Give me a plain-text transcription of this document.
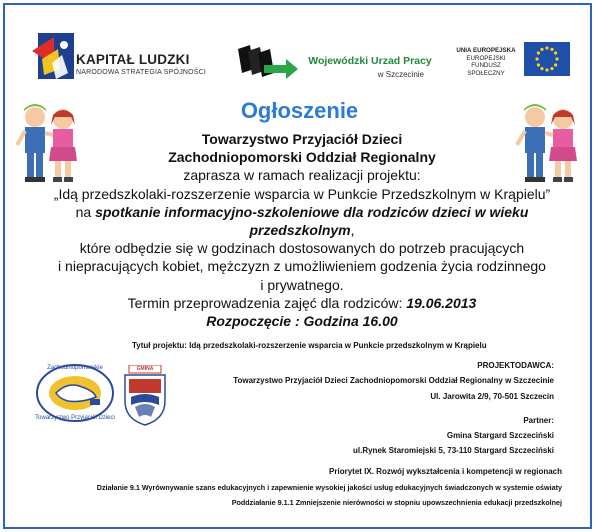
KAPITAŁ LUDZKI
NARODOWA STRATEGIA SPÓJNOŚCI
Wojewódzki Urzad Pracy
w Szczecinie
UNIA EUROPEJSKA
EUROPEJSKI
FUNDUSZ SPOŁECZNY
Ogłoszenie
Towarzystwo Przyjaciół Dzieci
Zachodniopomorski Oddział Regionalny
zaprasza w ramach realizacji projektu:
„Idą przedszkolaki-rozszerzenie wsparcia w Punkcie Przedszkolnym w Krąpielu”
na spotkanie informacyjno-szkoleniowe dla rodziców dzieci w wieku przedszkolnym,
które odbędzie się w godzinach dostosowanych do potrzeb pracujących
i niepracujących kobiet, mężczyzn z umożliwieniem godzenia życia rodzinnego
i prywatnego.
Termin przeprowadzenia zajęć dla rodziców: 19.06.2013
Rozpoczęcie : Godzina 16.00
Tytuł projektu: Idą przedszkolaki-rozszerzenie wsparcia w Punkcie przedszkolnym w Krąpielu
Zachodniopomorskie
Towarzystwo Przyjaciół Dzieci
GMINA	PROJEKTODAWCA:
Towarzystwo Przyjaciół Dzieci Zachodniopomorski Oddział Regionalny w Szczecinie
Ul. Jarowita 2/9, 70-501 Szczecin
Partner:
Gmina Stargard Szczeciński
ul.Rynek Staromiejski 5, 73-110 Stargard Szczeciński
Priorytet IX. Rozwój wykształcenia i kompetencji w regionach
Działanie 9.1 Wyrównywanie szans edukacyjnych i zapewnienie wysokiej jakości usług edukacyjnych świadczonych w systemie oświaty
Poddziałanie 9.1.1 Zmniejszenie nierówności w stopniu upowszechnienia edukacji przedszkolnej
